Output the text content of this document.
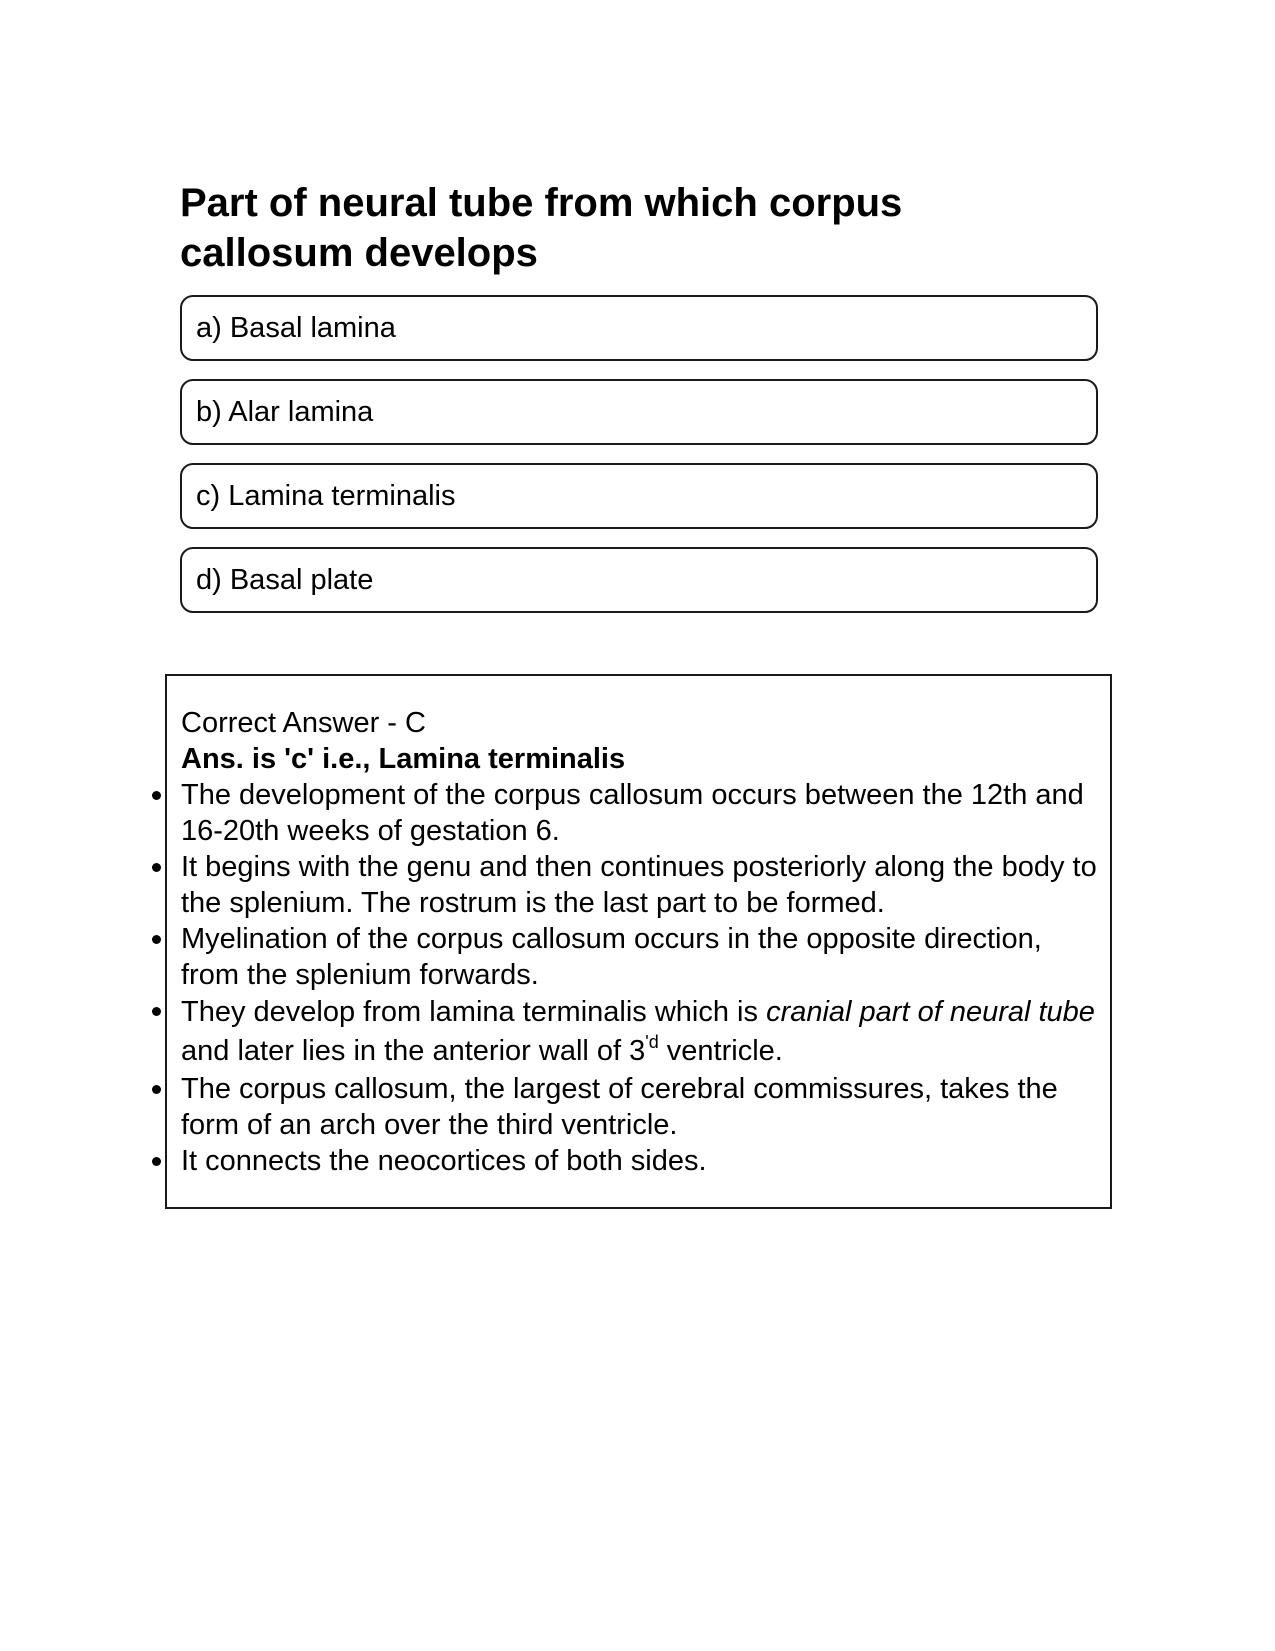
Part of neural tube from which corpus callosum develops
a) Basal lamina
b) Alar lamina
c) Lamina terminalis
d) Basal plate

Correct Answer - C

Ans. is 'c' i.e., Lamina terminalis

The development of the corpus callosum occurs between the 12th and 16-20th weeks of gestation 6.
It begins with the genu and then continues posteriorly along the body to the splenium. The rostrum is the last part to be formed.
Myelination of the corpus callosum occurs in the opposite direction, from the splenium forwards.
They develop from lamina terminalis which is cranial part of neural tube and later lies in the anterior wall of $3^{'d}$ ventricle.
The corpus callosum, the largest of cerebral commissures, takes the form of an arch over the third ventricle.
It connects the neocortices of both sides.
